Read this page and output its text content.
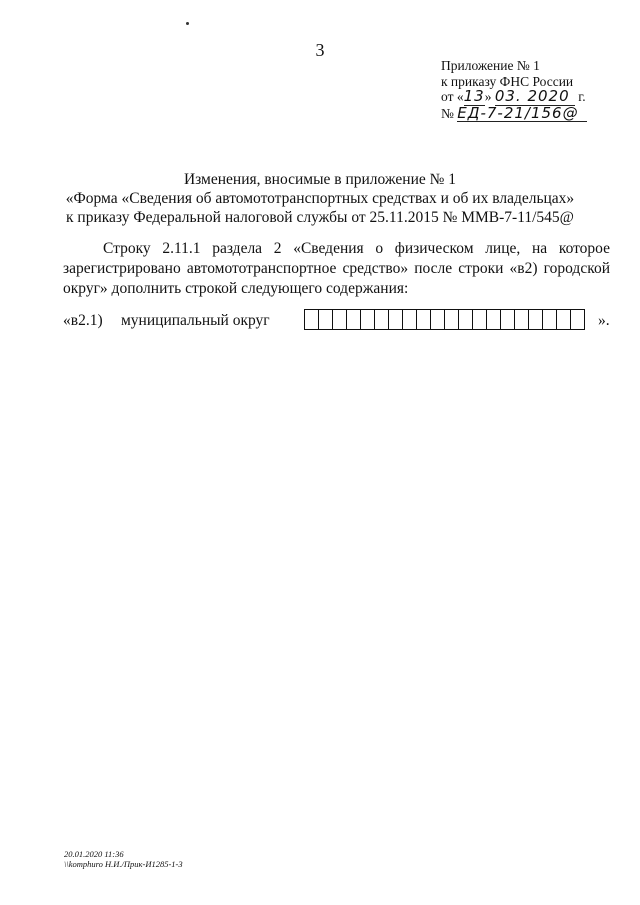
3
Приложение № 1
к приказу ФНС России
от «13» 03. 2020 г.
№ ЕД-7-21/156@
Изменения, вносимые в приложение № 1
«Форма «Сведения об автомототранспортных средствах и об их владельцах»
к приказу Федеральной налоговой службы от 25.11.2015 № ММВ-7-11/545@
Строку 2.11.1 раздела 2 «Сведения о физическом лице, на которое зарегистрировано автомототранспортное средство» после строки «в2) городской округ» дополнить строкой следующего содержания:
«в2.1) муниципальный округ	».
20.01.2020 11:36
\\komphuro Н.И./Прик-И1285-1-3
